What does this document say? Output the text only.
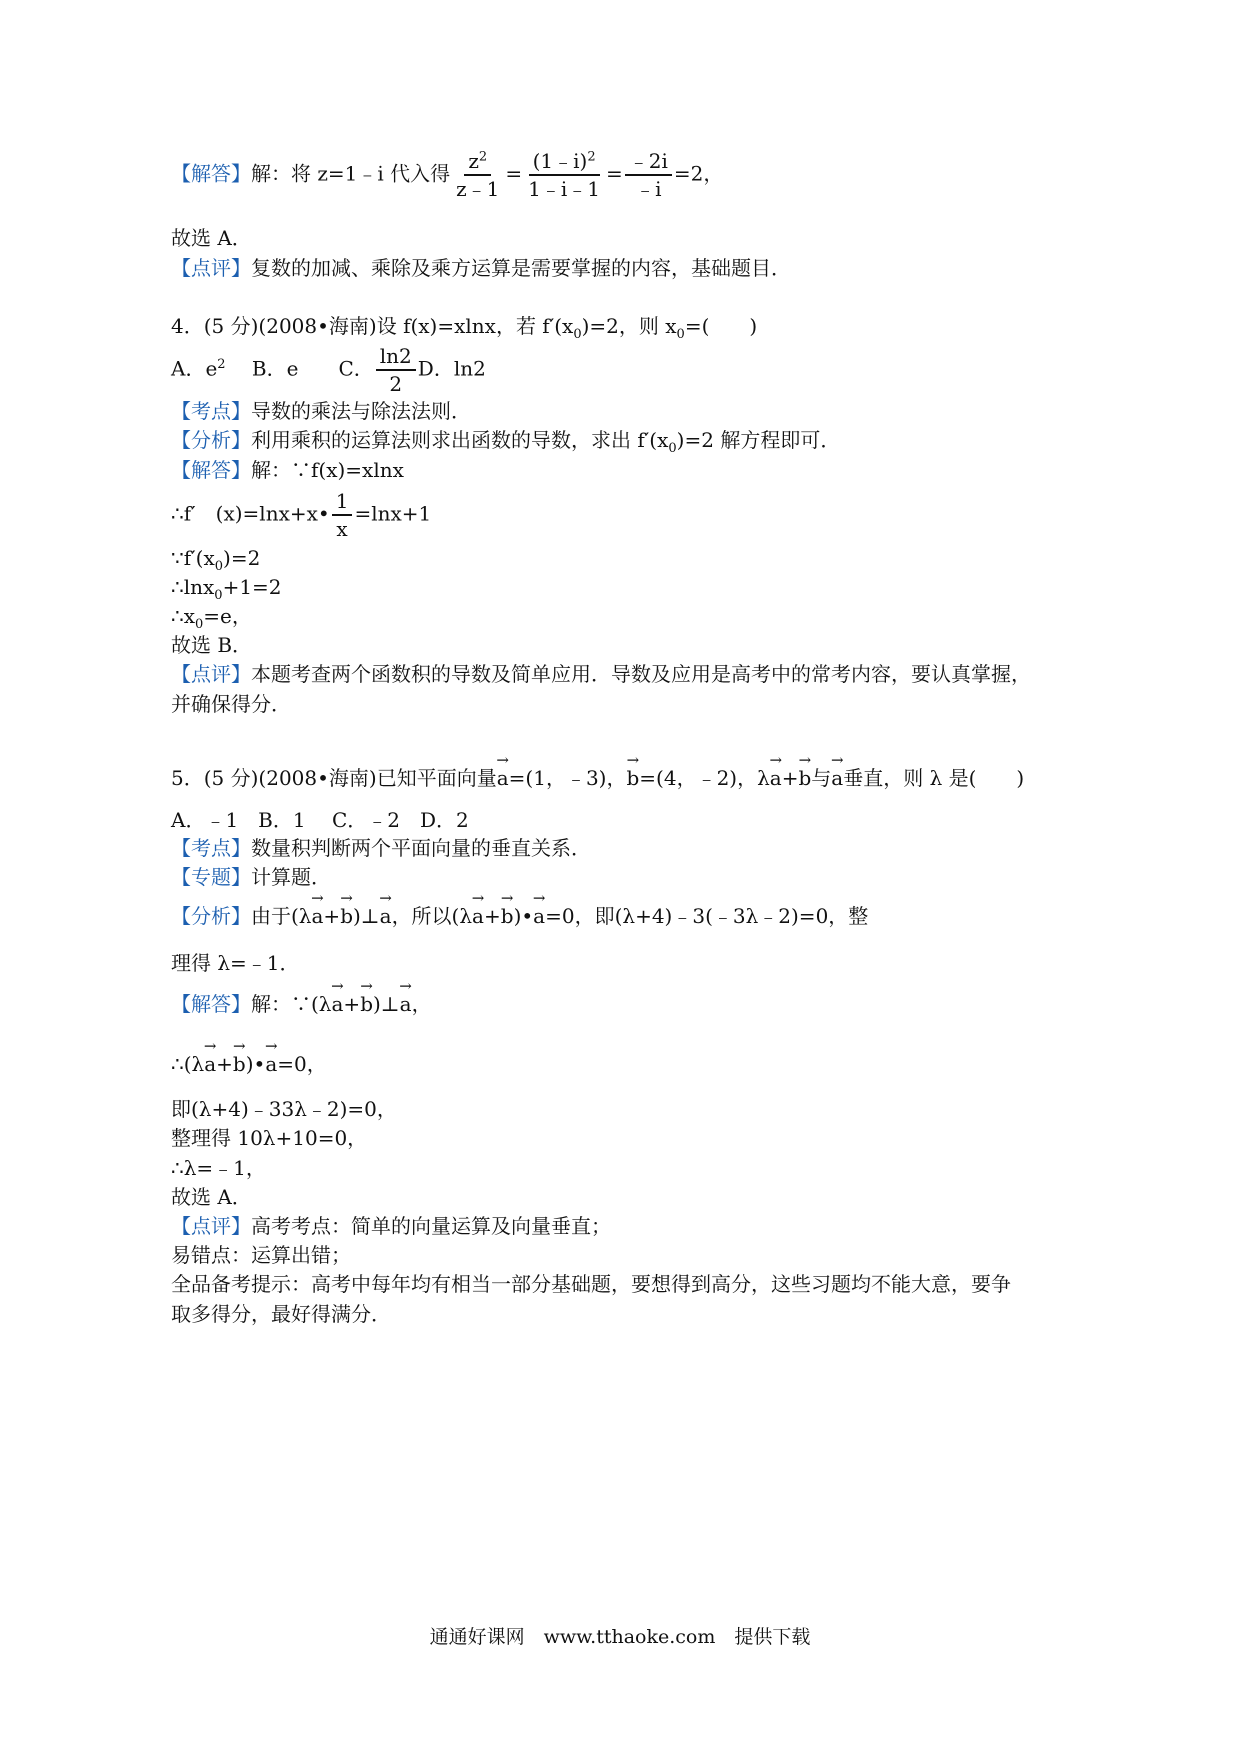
【解答】解：将 z=1﹣i 代入得 $\frac{z^2}{z﹣1} = \frac{(1﹣i)^2}{1﹣i﹣1} = \frac{﹣2i}{﹣i} =2$，
故选 A．
【点评】复数的加减、乘除及乘方运算是需要掌握的内容，基础题目．
4．(5 分)(2008•海南)设 f(x)=xlnx，若 $f'(x_0)=2$，则 $x_0=$(　　)
A．$e^2$　 B．e　　 C． $\frac{\ln 2}{2}$ D．ln2
【考点】导数的乘法与除法法则．
【分析】利用乘积的运算法则求出函数的导数，求出 $f'(x_0)=2$ 解方程即可．
【解答】解：∵f(x)=xlnx
∴f′　(x)=lnx+x• $\frac{1}{x} =\ln x+1$
$\because f'(x_0)=2$
∴lnx$_0$+1=2
$\therefore x_0=e$，
故选 B．
【点评】本题考查两个函数积的导数及简单应用．导数及应用是高考中的常考内容，要认真掌握，
并确保得分．
5．(5 分)(2008•海南)已知平面向量→ a=(1，﹣3)，→ b=(4，﹣2)，λ→ a+→ b与→ a垂直，则 λ 是(　　)
A．﹣1　B．1　 C．﹣2　D．2
【考点】数量积判断两个平面向量的垂直关系．
【专题】计算题．
【分析】由于(λ→ a+→ b)⊥→ a，所以(λ→ a+→ b)•→ a=0，即(λ+4)﹣3(﹣3λ﹣2)=0，整
理得 λ=﹣1．
【解答】解：∵(λ→ a+→ b)⊥→ a，
∴(λ→ a+→ b)•→ a=0，
即(λ+4)﹣33λ﹣2)=0，
整理得 10λ+10=0，
∴λ=﹣1，
故选 A．
【点评】高考考点：简单的向量运算及向量垂直；
易错点：运算出错；
全品备考提示：高考中每年均有相当一部分基础题，要想得到高分，这些习题均不能大意，要争
取多得分，最好得满分．
通通好课网　www.tthaoke.com　提供下载
